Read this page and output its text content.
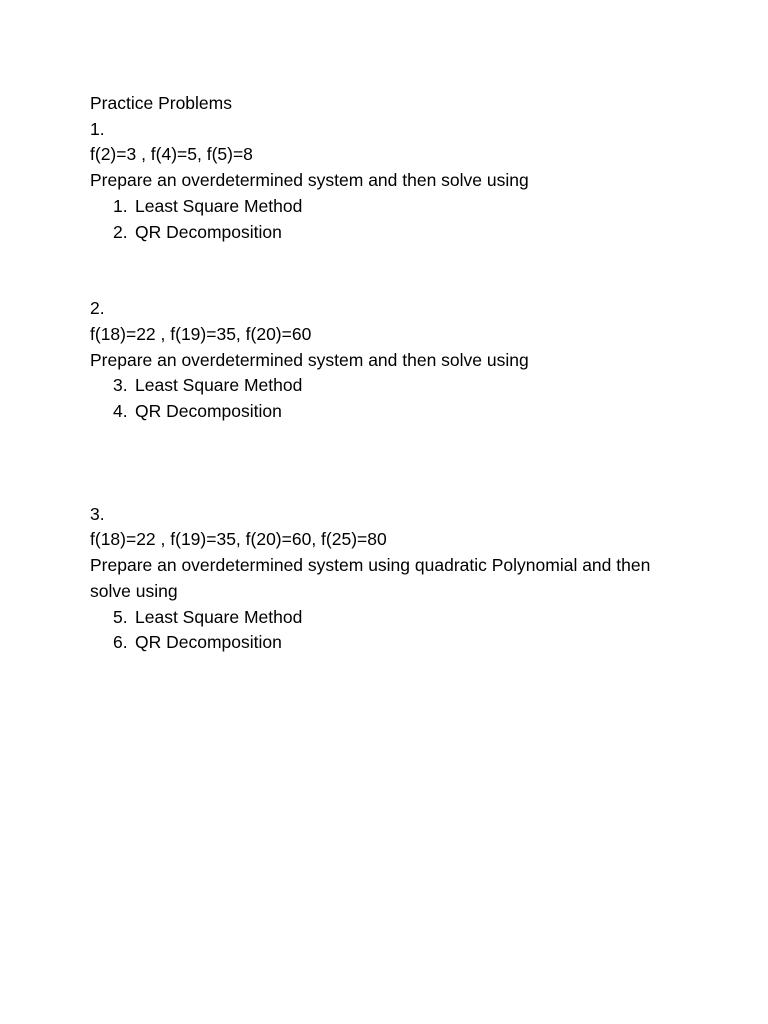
Practice Problems
1.
f(2)=3 , f(4)=5, f(5)=8
Prepare an overdetermined system and then solve using
1. Least Square Method
2. QR Decomposition
2.
f(18)=22 , f(19)=35, f(20)=60
Prepare an overdetermined system and then solve using
3. Least Square Method
4. QR Decomposition
3.
f(18)=22 , f(19)=35, f(20)=60, f(25)=80
Prepare an overdetermined system using quadratic Polynomial and then solve using
5. Least Square Method
6. QR Decomposition
